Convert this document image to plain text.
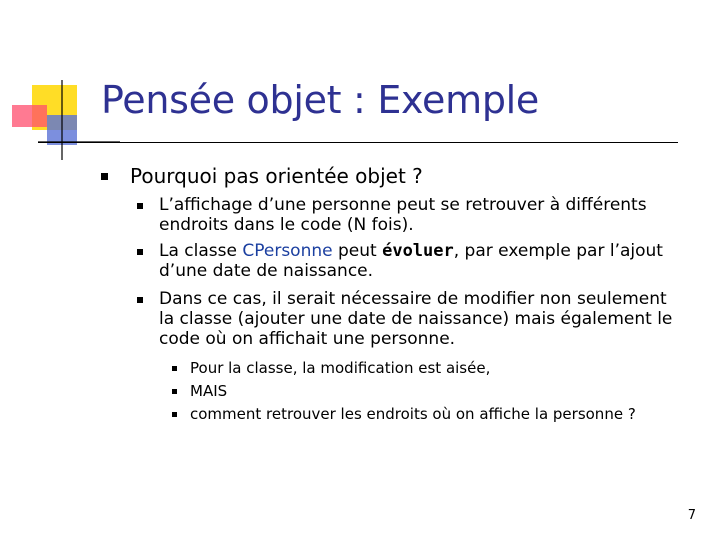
Pensée objet : Exemple
Pourquoi pas orientée objet ?
L’affichage d’une personne peut se retrouver à différents
endroits dans le code (N fois).
La classe CPersonne peut évoluer, par exemple par l’ajout
d’une date de naissance.
Dans ce cas, il serait nécessaire de modifier non seulement
la classe (ajouter une date de naissance) mais également le
code où on affichait une personne.
Pour la classe, la modification est aisée,
MAIS
comment retrouver les endroits où on affiche la personne ?
7
